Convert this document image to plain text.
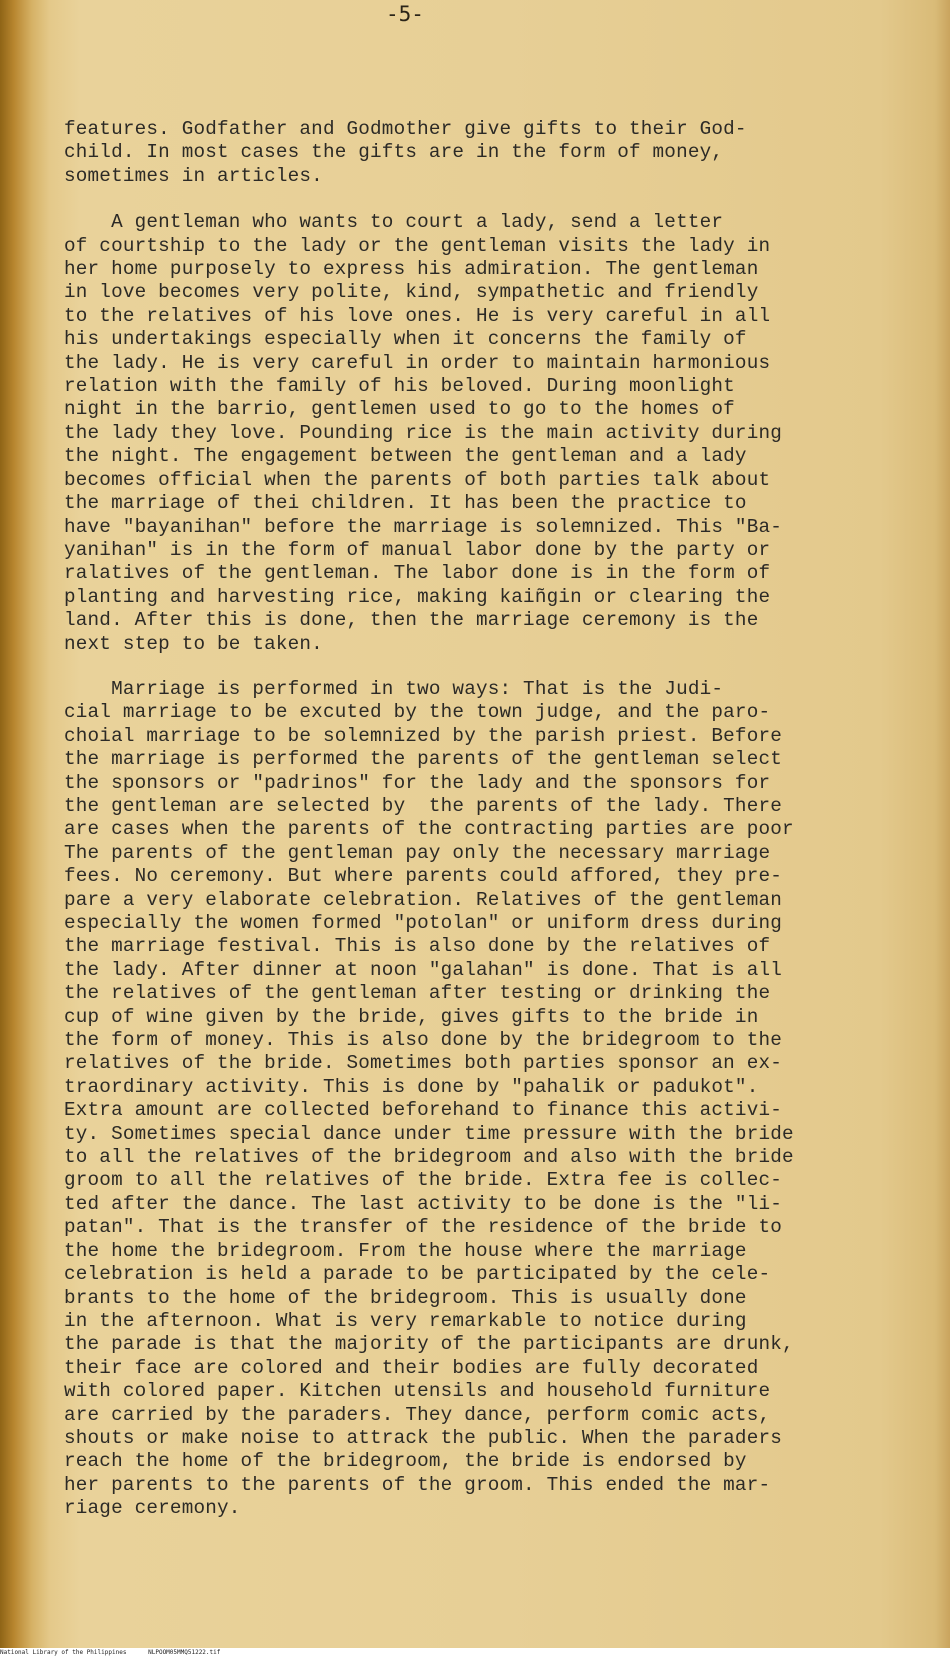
-5-
features. Godfather and Godmother give gifts to their God-
child. In most cases the gifts are in the form of money,
sometimes in articles.
A gentleman who wants to court a lady, send a letter
of courtship to the lady or the gentleman visits the lady in
her home purposely to express his admiration. The gentleman
in love becomes very polite, kind, sympathetic and friendly
to the relatives of his love ones. He is very careful in all
his undertakings especially when it concerns the family of
the lady. He is very careful in order to maintain harmonious
relation with the family of his beloved. During moonlight
night in the barrio, gentlemen used to go to the homes of
the lady they love. Pounding rice is the main activity during
the night. The engagement between the gentleman and a lady
becomes official when the parents of both parties talk about
the marriage of thei children. It has been the practice to
have "bayanihan" before the marriage is solemnized. This "Ba-
yanihan" is in the form of manual labor done by the party or
ralatives of the gentleman. The labor done is in the form of
planting and harvesting rice, making kaiñgin or clearing the
land. After this is done, then the marriage ceremony is the
next step to be taken.
Marriage is performed in two ways: That is the Judi-
cial marriage to be excuted by the town judge, and the paro-
choial marriage to be solemnized by the parish priest. Before
the marriage is performed the parents of the gentleman select
the sponsors or "padrinos" for the lady and the sponsors for
the gentleman are selected by  the parents of the lady. There
are cases when the parents of the contracting parties are poor
The parents of the gentleman pay only the necessary marriage
fees. No ceremony. But where parents could affored, they pre-
pare a very elaborate celebration. Relatives of the gentleman
especially the women formed "potolan" or uniform dress during
the marriage festival. This is also done by the relatives of
the lady. After dinner at noon "galahan" is done. That is all
the relatives of the gentleman after testing or drinking the
cup of wine given by the bride, gives gifts to the bride in
the form of money. This is also done by the bridegroom to the
relatives of the bride. Sometimes both parties sponsor an ex-
traordinary activity. This is done by "pahalik or padukot".
Extra amount are collected beforehand to finance this activi-
ty. Sometimes special dance under time pressure with the bride
to all the relatives of the bridegroom and also with the bride
groom to all the relatives of the bride. Extra fee is collec-
ted after the dance. The last activity to be done is the "li-
patan". That is the transfer of the residence of the bride to
the home the bridegroom. From the house where the marriage
celebration is held a parade to be participated by the cele-
brants to the home of the bridegroom. This is usually done
in the afternoon. What is very remarkable to notice during
the parade is that the majority of the participants are drunk,
their face are colored and their bodies are fully decorated
with colored paper. Kitchen utensils and household furniture
are carried by the paraders. They dance, perform comic acts,
shouts or make noise to attrack the public. When the paraders
reach the home of the bridegroom, the bride is endorsed by
her parents to the parents of the groom. This ended the mar-
riage ceremony.
National Library of the Philippines	NLPOOM05MMQ51222.tif
